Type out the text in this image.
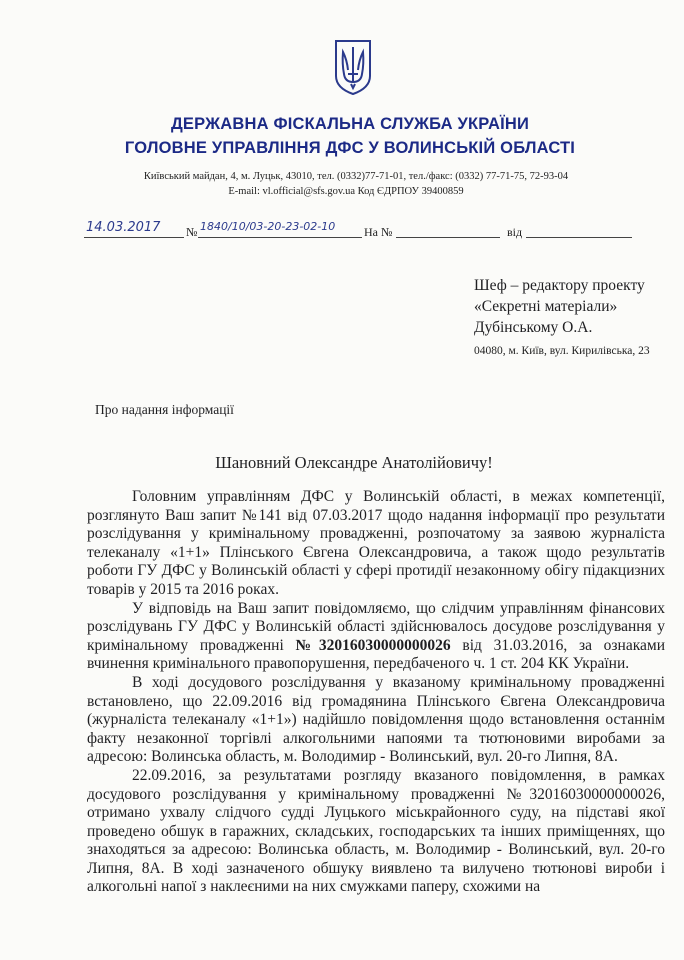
ДЕРЖАВНА ФІСКАЛЬНА СЛУЖБА УКРАЇНИ
ГОЛОВНЕ УПРАВЛІННЯ ДФС У ВОЛИНСЬКІЙ ОБЛАСТІ
Київський майдан, 4, м. Луцьк, 43010, тел. (0332)77-71-01, тел./факс: (0332) 77-71-75, 72-93-04
E-mail: vl.official@sfs.gov.ua Код ЄДРПОУ 39400859
14.03.2017 № 1840/10/03-20-23-02-10 На №	від
Шеф – редактору проекту
«Секретні матеріали»
Дубінському О.А.
04080, м. Київ, вул. Кирилівська, 23
Про надання інформації
Шановний Олександре Анатолійовичу!

Головним управлінням ДФС у Волинській області, в межах компетенції, розглянуто Ваш запит №141 від 07.03.2017 щодо надання інформації про результати розслідування у кримінальному провадженні, розпочатому за заявою журналіста телеканалу «1+1» Плінського Євгена Олександровича, а також щодо результатів роботи ГУ ДФС у Волинській області у сфері протидії незаконному обігу підакцизних товарів у 2015 та 2016 роках.

У відповідь на Ваш запит повідомляємо, що слідчим управлінням фінансових розслідувань ГУ ДФС у Волинській області здійснювалось досудове розслідування у кримінальному провадженні №32016030000000026 від 31.03.2016, за ознаками вчинення кримінального правопорушення, передбаченого ч. 1 ст. 204 КК України.

В ході досудового розслідування у вказаному кримінальному провадженні встановлено, що 22.09.2016 від громадянина Плінського Євгена Олександровича (журналіста телеканалу «1+1») надійшло повідомлення щодо встановлення останнім факту незаконної торгівлі алкогольними напоями та тютюновими виробами за адресою: Волинська область, м. Володимир - Волинський, вул. 20-го Липня, 8А.

22.09.2016, за результатами розгляду вказаного повідомлення, в рамках досудового розслідування у кримінальному провадженні №32016030000000026, отримано ухвалу слідчого судді Луцького міськрайонного суду, на підставі якої проведено обшук в гаражних, складських, господарських та інших приміщеннях, що знаходяться за адресою: Волинська область, м. Володимир - Волинський, вул. 20-го Липня, 8А. В ході зазначеного обшуку виявлено та вилучено тютюнові вироби і алкогольні напої з наклеєними на них смужками паперу, схожими на
